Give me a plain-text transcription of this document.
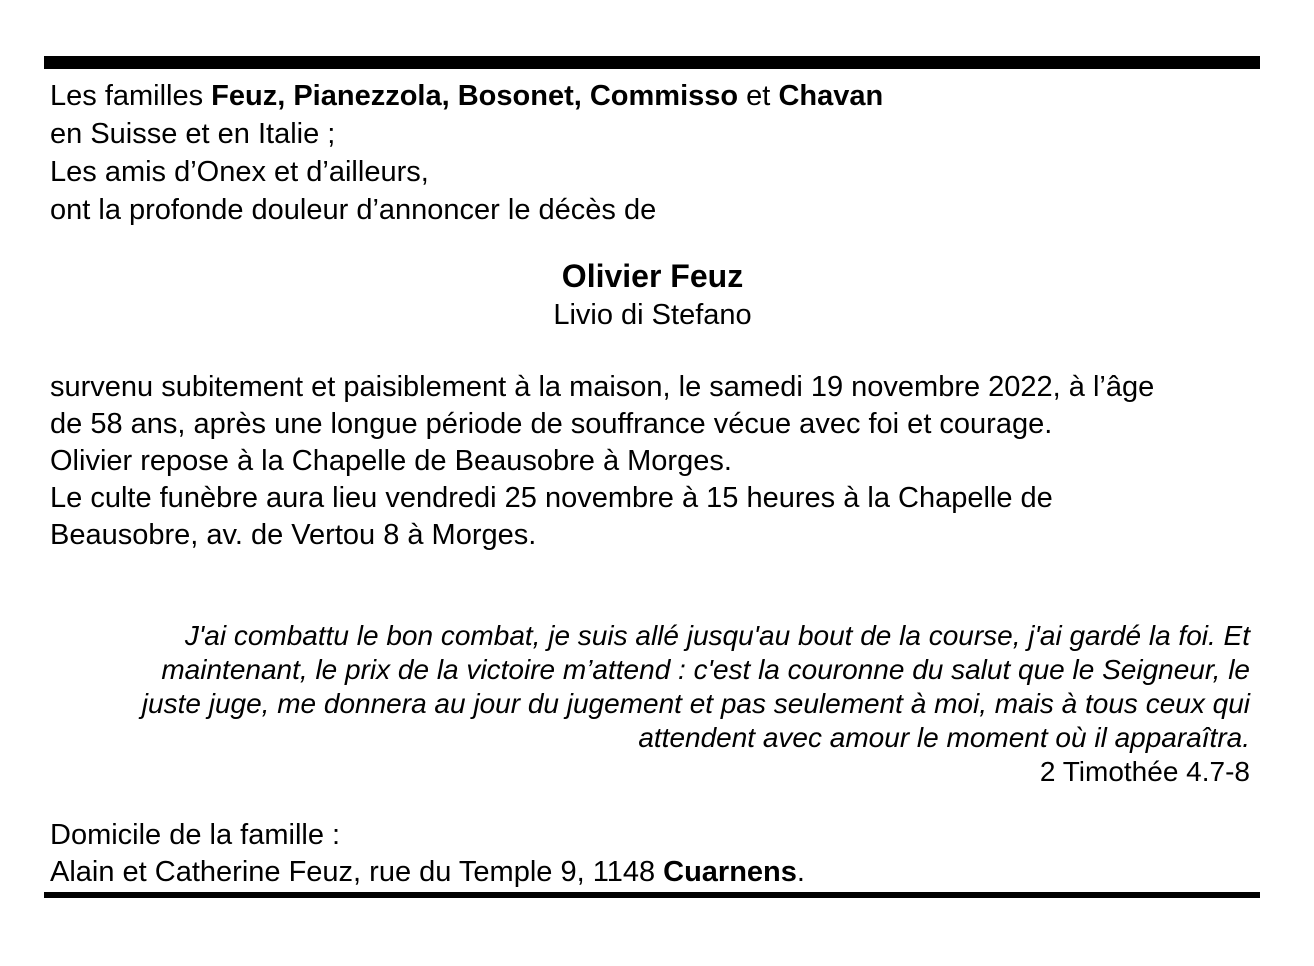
Les familles Feuz, Pianezzola, Bosonet, Commisso et Chavan
en Suisse et en Italie ;
Les amis d’Onex et d’ailleurs,
ont la profonde douleur d’annoncer le décès de
Olivier Feuz
Livio di Stefano

survenu subitement et paisiblement à la maison, le samedi 19 novembre 2022, à l’âge de 58 ans, après une longue période de souffrance vécue avec foi et courage.

Olivier repose à la Chapelle de Beausobre à Morges.

Le culte funèbre aura lieu vendredi 25 novembre à 15 heures à la Chapelle de Beausobre, av. de Vertou 8 à Morges.

J'ai combattu le bon combat, je suis allé jusqu'au bout de la course, j'ai gardé la foi. Et
maintenant, le prix de la victoire m’attend : c'est la couronne du salut que le Seigneur, le
juste juge, me donnera au jour du jugement et pas seulement à moi, mais à tous ceux qui
attendent avec amour le moment où il apparaîtra.
2 Timothée 4.7-8
Domicile de la famille :
Alain et Catherine Feuz, rue du Temple 9, 1148 Cuarnens.
